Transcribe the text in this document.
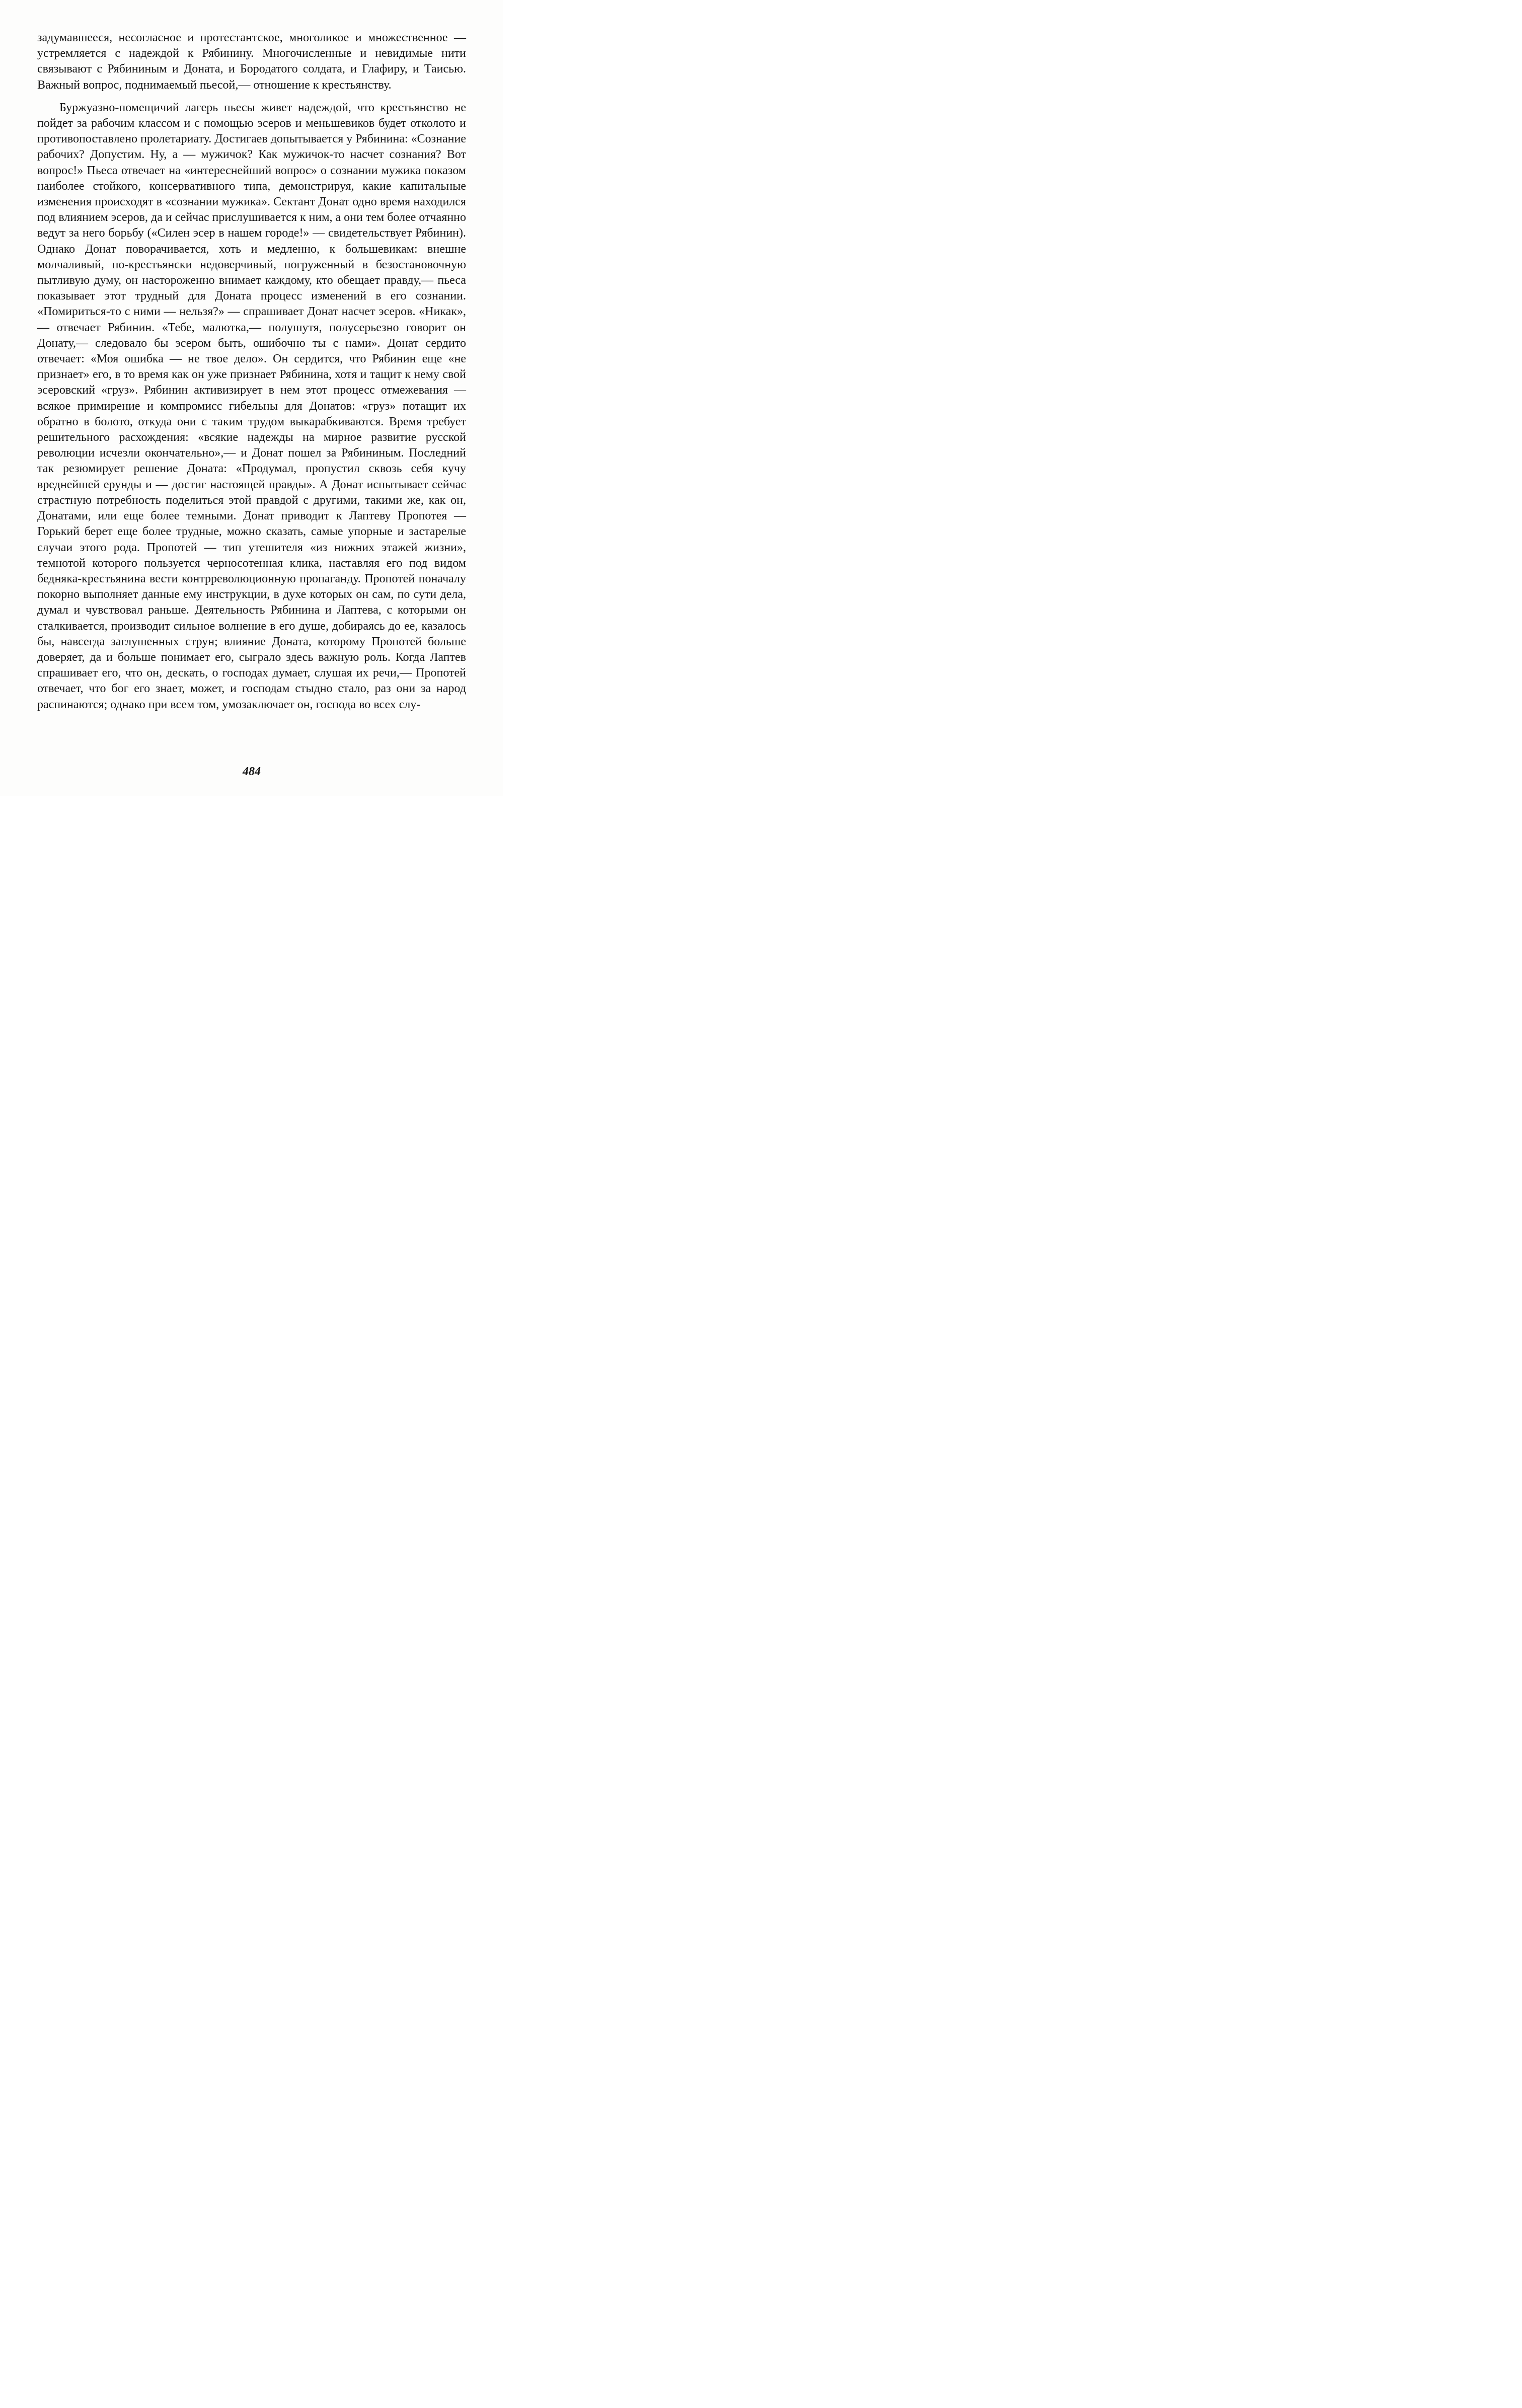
задумавшееся, несогласное и протестантское, многоликое и множественное — устремляется с надеждой к Рябинину. Многочисленные и невидимые нити связывают с Рябининым и Доната, и Бородатого солдата, и Глафиру, и Таисью. Важный вопрос, поднимаемый пьесой,— отношение к крестьянству.

Буржуазно-помещичий лагерь пьесы живет надеждой, что крестьянство не пойдет за рабочим классом и с помощью эсеров и меньшевиков будет отколото и противопоставлено пролетариату. Достигаев допытывается у Рябинина: «Сознание рабочих? Допустим. Ну, а — мужичок? Как мужичок-то насчет сознания? Вот вопрос!» Пьеса отвечает на «интереснейший вопрос» о сознании мужика показом наиболее стойкого, консервативного типа, демонстрируя, какие капитальные изменения происходят в «сознании мужика». Сектант Донат одно время находился под влиянием эсеров, да и сейчас прислушивается к ним, а они тем более отчаянно ведут за него борьбу («Силен эсер в нашем городе!» — свидетельствует Рябинин). Однако Донат поворачивается, хоть и медленно, к большевикам: внешне молчаливый, по-крестьянски недоверчивый, погруженный в безостановочную пытливую думу, он настороженно внимает каждому, кто обещает правду,— пьеса показывает этот трудный для Доната процесс изменений в его сознании. «Помириться-то с ними — нельзя?» — спрашивает Донат насчет эсеров. «Никак»,— отвечает Рябинин. «Тебе, малютка,— полушутя, полусерьезно говорит он Донату,— следовало бы эсером быть, ошибочно ты с нами». Донат сердито отвечает: «Моя ошибка — не твое дело». Он сердится, что Рябинин еще «не признает» его, в то время как он уже признает Рябинина, хотя и тащит к нему свой эсеровский «груз». Рябинин активизирует в нем этот процесс отмежевания — всякое примирение и компромисс гибельны для Донатов: «груз» потащит их обратно в болото, откуда они с таким трудом выкарабкиваются. Время требует решительного расхождения: «всякие надежды на мирное развитие русской революции исчезли окончательно»,— и Донат пошел за Рябининым. Последний так резюмирует решение Доната: «Продумал, пропустил сквозь себя кучу вреднейшей ерунды и — достиг настоящей правды». А Донат испытывает сейчас страстную потребность поделиться этой правдой с другими, такими же, как он, Донатами, или еще более темными. Донат приводит к Лаптеву Пропотея — Горький берет еще более трудные, можно сказать, самые упорные и застарелые случаи этого рода. Пропотей — тип утешителя «из нижних этажей жизни», темнотой которого пользуется черносотенная клика, наставляя его под видом бедняка-крестьянина вести контрреволюционную пропаганду. Пропотей поначалу покорно выполняет данные ему инструкции, в духе которых он сам, по сути дела, думал и чувствовал раньше. Деятельность Рябинина и Лаптева, с которыми он сталкивается, производит сильное волнение в его душе, добираясь до ее, казалось бы, навсегда заглушенных струн; влияние Доната, которому Пропотей больше доверяет, да и больше понимает его, сыграло здесь важную роль. Когда Лаптев спрашивает его, что он, дескать, о господах думает, слушая их речи,— Пропотей отвечает, что бог его знает, может, и господам стыдно стало, раз они за народ распинаются; однако при всем том, умозаключает он, господа во всех слу-

484
